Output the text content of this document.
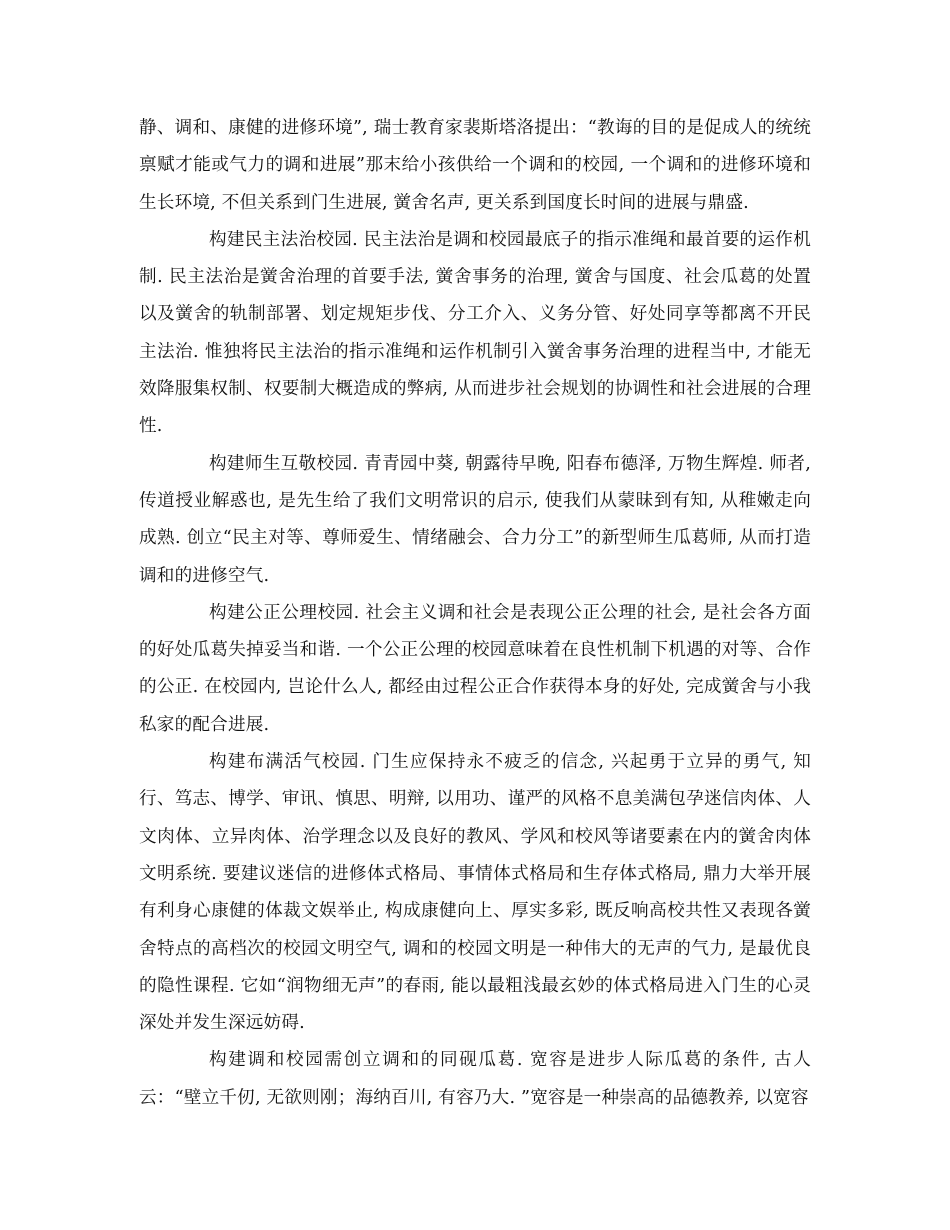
静、调和、康健的进修环境”, 瑞士教育家裴斯塔洛提出：“教诲的目的是促成人的统统禀赋才能或气力的调和进展”那末给小孩供给一个调和的校园, 一个调和的进修环境和生长环境, 不但关系到门生进展, 黉舍名声, 更关系到国度长时间的进展与鼎盛.

构建民主法治校园. 民主法治是调和校园最底子的指示准绳和最首要的运作机制. 民主法治是黉舍治理的首要手法, 黉舍事务的治理, 黉舍与国度、社会瓜葛的处置以及黉舍的轨制部署、划定规矩步伐、分工介入、义务分管、好处同享等都离不开民主法治. 惟独将民主法治的指示准绳和运作机制引入黉舍事务治理的进程当中, 才能无效降服集权制、权要制大概造成的弊病, 从而进步社会规划的协调性和社会进展的合理性.

构建师生互敬校园. 青青园中葵, 朝露待早晚, 阳春布德泽, 万物生辉煌. 师者, 传道授业解惑也, 是先生给了我们文明常识的启示, 使我们从蒙昧到有知, 从稚嫩走向成熟. 创立“民主对等、尊师爱生、情绪融会、合力分工”的新型师生瓜葛师, 从而打造调和的进修空气.

构建公正公理校园. 社会主义调和社会是表现公正公理的社会, 是社会各方面的好处瓜葛失掉妥当和谐. 一个公正公理的校园意味着在良性机制下机遇的对等、合作的公正. 在校园内, 岂论什么人, 都经由过程公正合作获得本身的好处, 完成黉舍与小我私家的配合进展.

构建布满活气校园. 门生应保持永不疲乏的信念, 兴起勇于立异的勇气, 知行、笃志、博学、审讯、慎思、明辩, 以用功、谨严的风格不息美满包孕迷信肉体、人文肉体、立异肉体、治学理念以及良好的教风、学风和校风等诸要素在内的黉舍肉体文明系统. 要建议迷信的进修体式格局、事情体式格局和生存体式格局, 鼎力大举开展有利身心康健的体裁文娱举止, 构成康健向上、厚实多彩, 既反响高校共性又表现各黉舍特点的高档次的校园文明空气, 调和的校园文明是一种伟大的无声的气力, 是最优良的隐性课程. 它如“润物细无声”的春雨, 能以最粗浅最玄妙的体式格局进入门生的心灵深处并发生深远妨碍.

构建调和校园需创立调和的同砚瓜葛. 宽容是进步人际瓜葛的条件, 古人云：“壁立千仞, 无欲则刚；海纳百川, 有容乃大. ”宽容是一种崇高的品德教养, 以宽容
